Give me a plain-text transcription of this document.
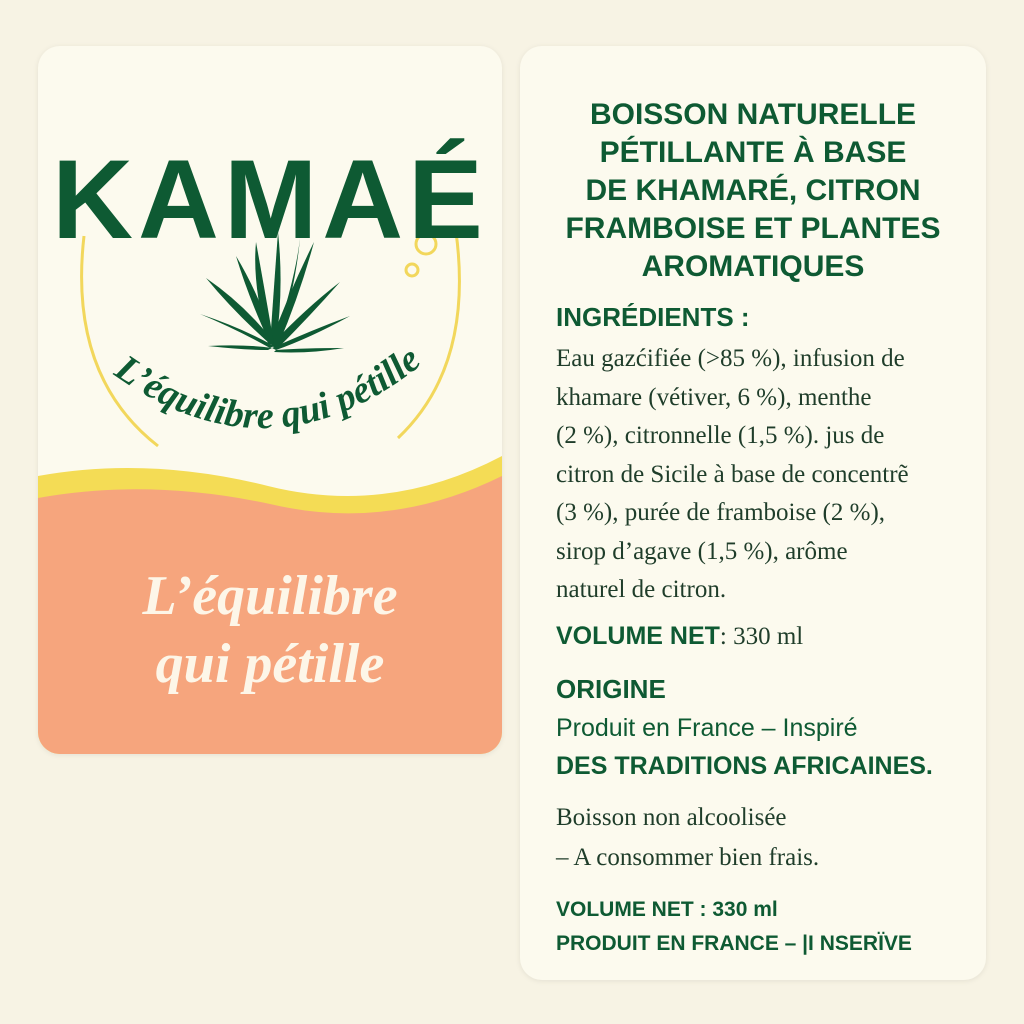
L’équilibre qui pétille
KAMAÉ
L’équilibre
qui pétille
BOISSON NATURELLE
PÉTILLANTE À BASE
DE KHAMARÉ, CITRON
FRAMBOISE ET PLANTES
AROMATIQUES
INGRÉDIENTS :
Eau gazćifiée (>85 %), infusion de
khamare (vétiver, 6 %), menthe
(2 %), citronnelle (1,5 %). jus de
citron de Sicile à base de concentrẽ
(3 %), purée de framboise (2 %),
sirop d’agave (1,5 %), arôme
naturel de citron.
VOLUME NET: 330 ml
ORIGINE
Produit en France – Inspiré
DES TRADITIONS AFRICAINES.
Boisson non alcoolisée
– A consommer bien frais.
VOLUME NET : 330 ml
PRODUIT EN FRANCE – |I NSERÏVE
